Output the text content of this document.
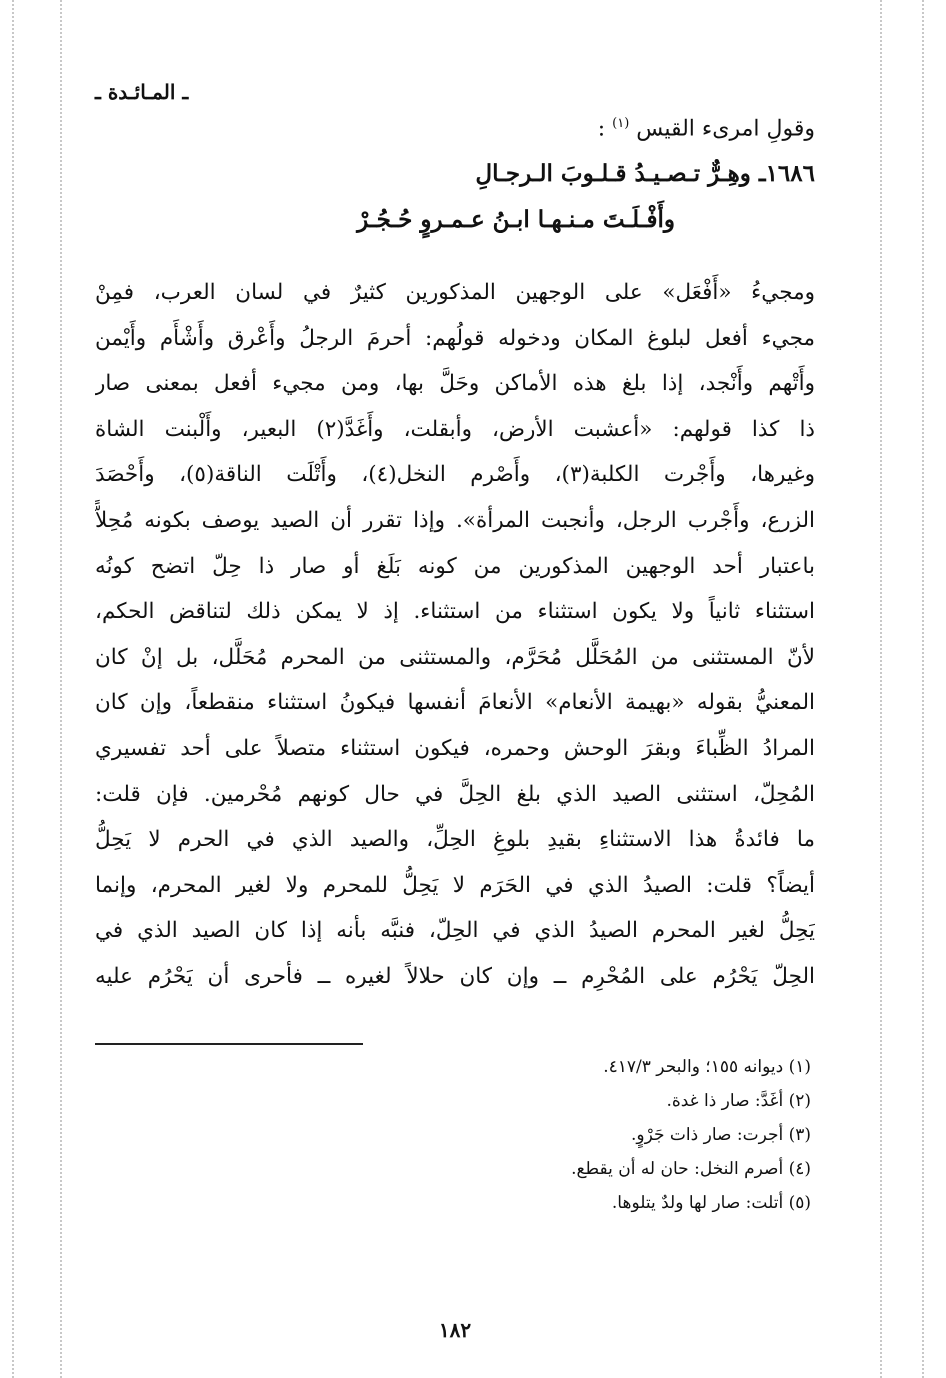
ـ المـائـدة ـ
وقولِ امرىء القيس $^{(١)}$ :
١٦٨٦ـ وهِـرٌّ تـصـيـدُ قـلـوبَ الـرجـالِ
وأَفْـلَـتَ مـنـهـا ابـنُ عـمـروٍ حُـجُـرْ
ومجيءُ «أَفْعَل» على الوجهين المذكورين كثيرٌ في لسان العرب، فمِنْ
مجيء أفعل لبلوغ المكان ودخوله قولُهم: أحرمَ الرجلُ وأَعْرق وأَشْأَم وأَيْمن
وأَتْهم وأَنْجد، إذا بلغ هذه الأماكن وحَلَّ بها، ومن مجيء أفعل بمعنى صار
ذا كذا قولهم: «أعشبت الأرض، وأبقلت، وأَغَدَّ(٢) البعير، وأَلْبنت الشاة
وغيرها، وأَجْرت الكلبة(٣)، وأَصْرم النخل(٤)، وأَتْلَت الناقة(٥)، وأَحْصَدَ
الزرع، وأَجْرب الرجل، وأنجبت المرأة». وإذا تقرر أن الصيد يوصف بكونه مُحِلاًّ
باعتبار أحد الوجهين المذكورين من كونه بَلَغ أو صار ذا حِلّ اتضح كونُه
استثناء ثانياً ولا يكون استثناء من استثناء. إذ لا يمكن ذلك لتناقض الحكم،
لأنّ المستثنى من المُحَلَّل مُحَرَّم، والمستثنى من المحرم مُحَلَّل، بل إنْ كان
المعنيُّ بقوله «بهيمة الأنعام» الأنعامَ أنفسها فيكونُ استثناء منقطعاً، وإن كان
المرادُ الظِّباءَ وبقرَ الوحش وحمره، فيكون استثناء متصلاً على أحد تفسيري
المُحِلّ، استثنى الصيد الذي بلغ الحِلَّ في حال كونهم مُحْرمين. فإن قلت:
ما فائدةُ هذا الاستثناءِ بقيدِ بلوغِ الحِلِّ، والصيد الذي في الحرم لا يَحِلُّ
أيضاً؟ قلت: الصيدُ الذي في الحَرَم لا يَحِلُّ للمحرم ولا لغير المحرم، وإنما
يَحِلُّ لغير المحرم الصيدُ الذي في الحِلّ، فنبَّه بأنه إذا كان الصيد الذي في
الحِلّ يَحْرُم على المُحْرِم ــ وإن كان حلالاً لغيره ــ فأحرى أن يَحْرُم عليه
(١) ديوانه ١٥٥؛ والبحر ٤١٧/٣.
(٢) أغَدَّ: صار ذا غدة.
(٣) أجرت: صار ذات جَرْوٍ.
(٤) أصرم النخل: حان له أن يقطع.
(٥) أتلت: صار لها ولدٌ يتلوها.
١٨٢
